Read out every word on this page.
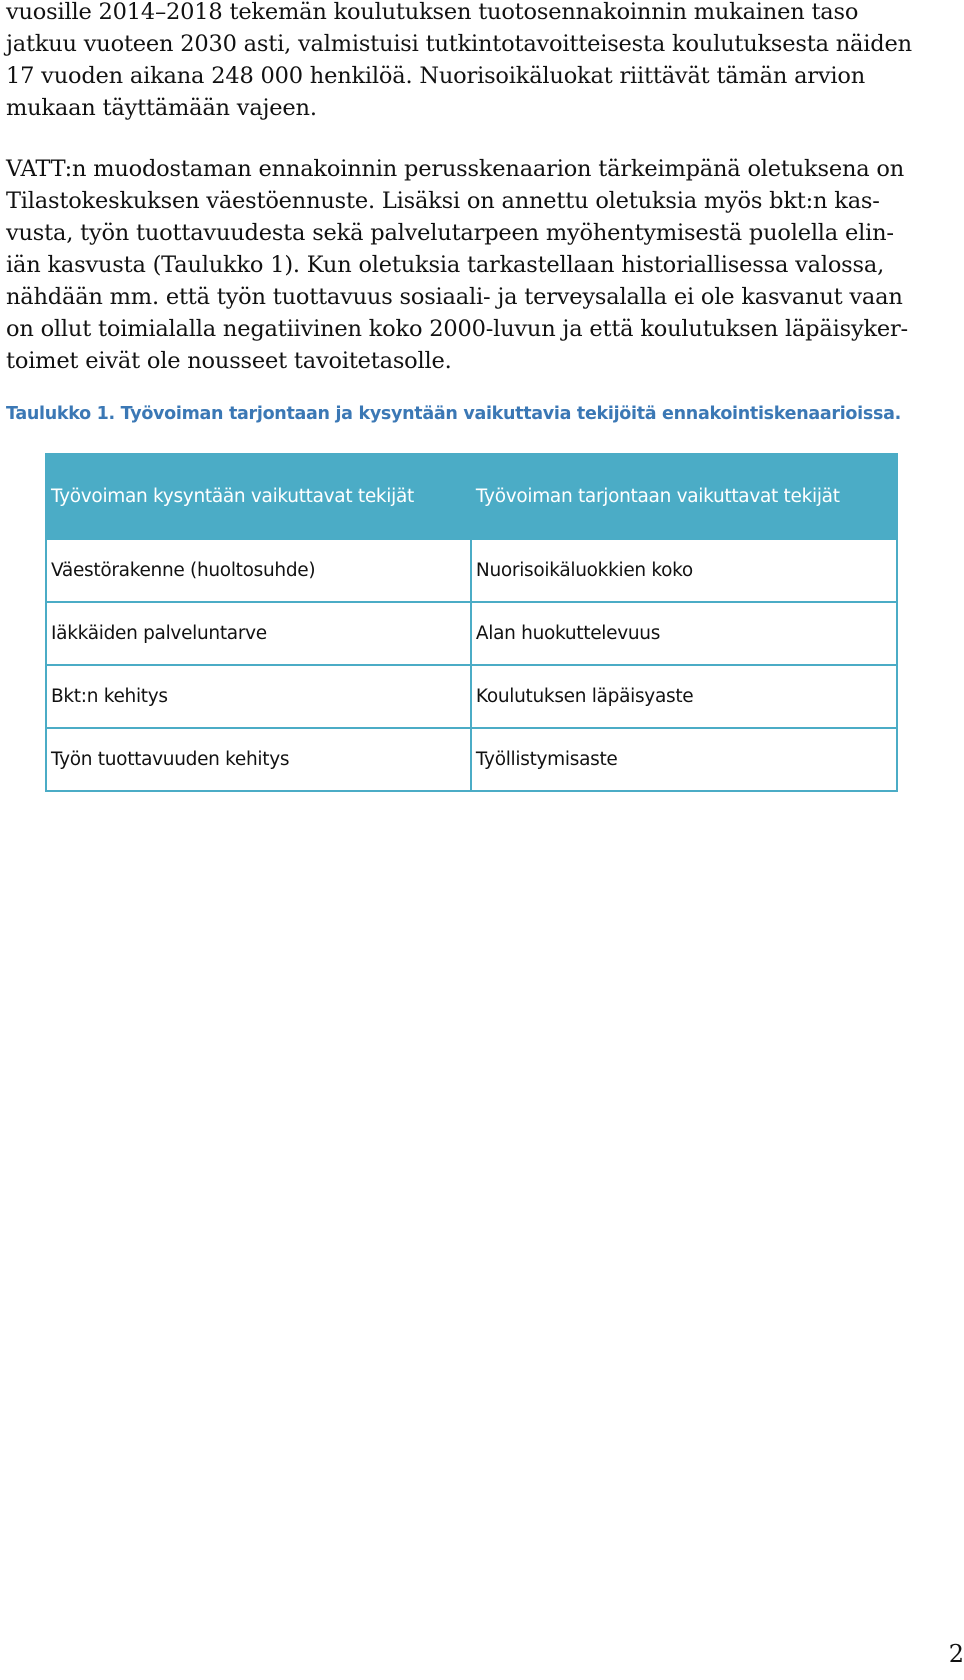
vuosille 2014–2018 tekemän koulutuksen tuotosennakoinnin mukainen taso
jatkuu vuoteen 2030 asti, valmistuisi tutkintotavoitteisesta koulutuksesta näiden
17 vuoden aikana 248 000 henkilöä. Nuorisoikäluokat riittävät tämän arvion
mukaan täyttämään vajeen.

VATT:n muodostaman ennakoinnin perusskenaarion tärkeimpänä oletuksena on
Tilastokeskuksen väestöennuste. Lisäksi on annettu oletuksia myös bkt:n kas-
vusta, työn tuottavuudesta sekä palvelutarpeen myöhentymisestä puolella elin-
iän kasvusta (Taulukko 1). Kun oletuksia tarkastellaan historiallisessa valossa,
nähdään mm. että työn tuottavuus sosiaali- ja terveysalalla ei ole kasvanut vaan
on ollut toimialalla negatiivinen koko 2000-luvun ja että koulutuksen läpäisyker-
toimet eivät ole nousseet tavoitetasolle.

Taulukko 1. Työvoiman tarjontaan ja kysyntään vaikuttavia tekijöitä ennakointiskenaarioissa.

Työvoiman kysyntään vaikuttavat tekijät	Työvoiman tarjontaan vaikuttavat tekijät
Väestörakenne (huoltosuhde)	Nuorisoikäluokkien koko
Iäkkäiden palveluntarve	Alan huokuttelevuus
Bkt:n kehitys	Koulutuksen läpäisyaste
Työn tuottavuuden kehitys	Työllistymisaste

2
